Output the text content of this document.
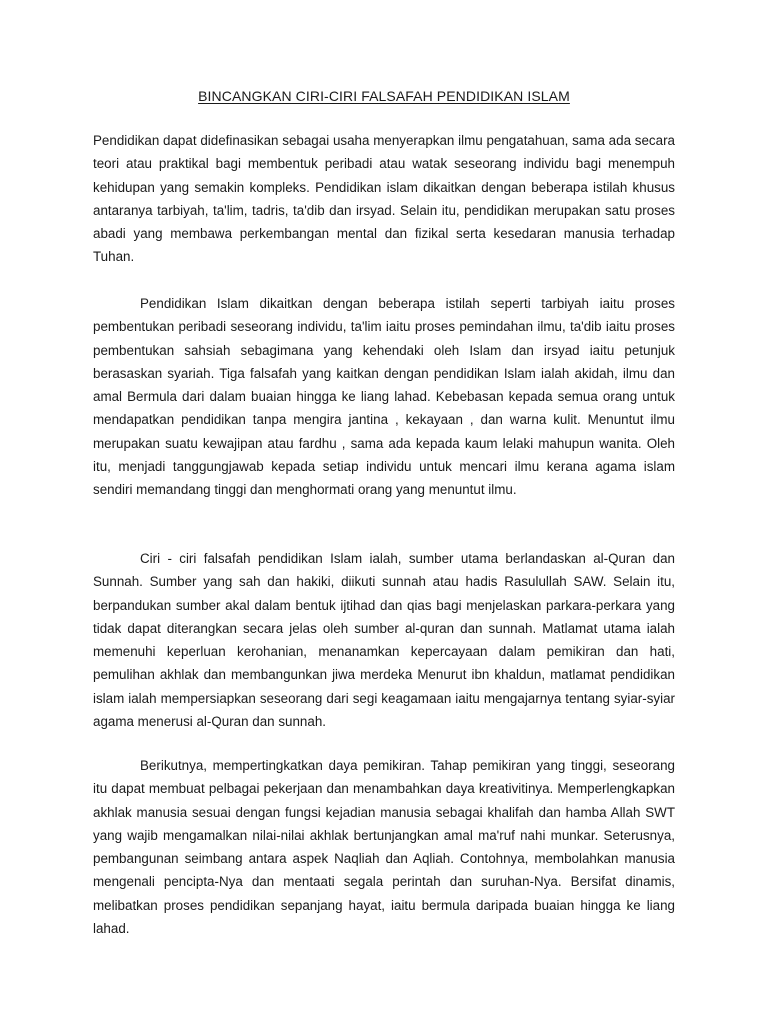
BINCANGKAN CIRI-CIRI FALSAFAH PENDIDIKAN ISLAM

Pendidikan dapat didefinasikan sebagai usaha menyerapkan ilmu pengatahuan, sama ada secara teori atau praktikal bagi membentuk peribadi atau watak seseorang individu bagi menempuh kehidupan yang semakin kompleks. Pendidikan islam dikaitkan dengan beberapa istilah khusus antaranya tarbiyah, ta'lim, tadris, ta'dib dan irsyad. Selain itu, pendidikan merupakan satu proses abadi yang membawa perkembangan mental dan fizikal serta kesedaran manusia terhadap Tuhan.

Pendidikan Islam dikaitkan dengan beberapa istilah seperti tarbiyah iaitu proses pembentukan peribadi seseorang individu, ta'lim iaitu proses pemindahan ilmu, ta'dib iaitu proses pembentukan sahsiah sebagimana yang kehendaki oleh Islam dan irsyad iaitu petunjuk berasaskan syariah. Tiga falsafah yang kaitkan dengan pendidikan Islam ialah akidah, ilmu dan amal Bermula dari dalam buaian hingga ke liang lahad. Kebebasan kepada semua orang untuk mendapatkan pendidikan tanpa mengira jantina , kekayaan , dan warna kulit. Menuntut ilmu merupakan suatu kewajipan atau fardhu , sama ada kepada kaum lelaki mahupun wanita. Oleh itu, menjadi tanggungjawab kepada setiap individu untuk mencari ilmu kerana agama islam sendiri memandang tinggi dan menghormati orang yang menuntut ilmu.

Ciri - ciri falsafah pendidikan Islam ialah, sumber utama berlandaskan al-Quran dan Sunnah. Sumber yang sah dan hakiki, diikuti sunnah atau hadis Rasulullah SAW. Selain itu, berpandukan sumber akal dalam bentuk ijtihad dan qias bagi menjelaskan parkara-perkara yang tidak dapat diterangkan secara jelas oleh sumber al-quran dan sunnah. Matlamat utama ialah memenuhi keperluan kerohanian, menanamkan kepercayaan dalam pemikiran dan hati, pemulihan akhlak dan membangunkan jiwa merdeka Menurut ibn khaldun, matlamat pendidikan islam ialah mempersiapkan seseorang dari segi keagamaan iaitu mengajarnya tentang syiar-syiar agama menerusi al-Quran dan sunnah.

Berikutnya, mempertingkatkan daya pemikiran. Tahap pemikiran yang tinggi, seseorang itu dapat membuat pelbagai pekerjaan dan menambahkan daya kreativitinya. Memperlengkapkan akhlak manusia sesuai dengan fungsi kejadian manusia sebagai khalifah dan hamba Allah SWT yang wajib mengamalkan nilai-nilai akhlak bertunjangkan amal ma'ruf nahi munkar. Seterusnya, pembangunan seimbang antara aspek Naqliah dan Aqliah. Contohnya, membolahkan manusia mengenali pencipta-Nya dan mentaati segala perintah dan suruhan-Nya. Bersifat dinamis, melibatkan proses pendidikan sepanjang hayat, iaitu bermula daripada buaian hingga ke liang lahad.
